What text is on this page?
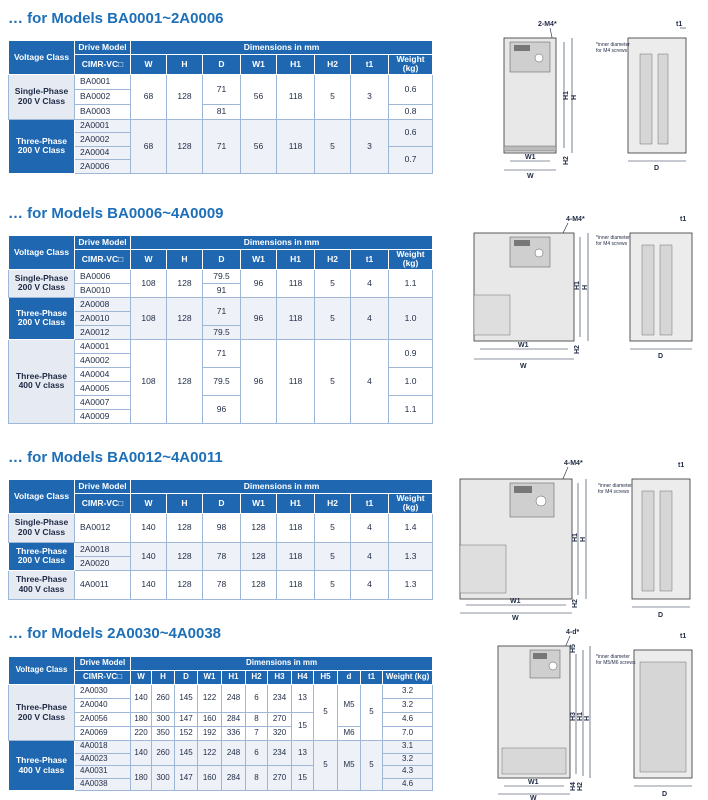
… for Models BA0001~2A0006
Voltage Class	Drive Model	Dimensions in mm							
	CIMR-VC□	W	H	D	W1	H1	H2	t1	Weight (kg)
Single-Phase
200 V Class	BA0001	68	128	71	56	118	5	3	0.6
	BA0002								
	BA0003			81					0.8
Three-Phase
200 V Class	2A0001	68	128	71	56	118	5	3	0.6
	2A0002								
	2A0004								0.7
	2A0006								
2-M4*
W1
W
H1 H
H2
t1
D
*inner diameter for M4 screws
… for Models BA0006~4A0009
Voltage Class	Drive Model	Dimensions in mm							
	CIMR-VC□	W	H	D	W1	H1	H2	t1	Weight (kg)
Single-Phase
200 V Class	BA0006	108	128	79.5	96	118	5	4	1.1
	BA0010			91					
Three-Phase
200 V Class	2A0008	108	128	71	96	118	5	4	1.0
	2A0010								
	2A0012			79.5					
Three-Phase
400 V class	4A0001	108	128	71	96	118	5	4	0.9
	4A0002								
	4A0004			79.5					1.0
	4A0005								
	4A0007			96					1.1
	4A0009								
4-M4*
W1
W
H1 H
H2
t1
D
*inner diameter for M4 screws
… for Models BA0012~4A0011
Voltage Class	Drive Model	Dimensions in mm							
	CIMR-VC□	W	H	D	W1	H1	H2	t1	Weight (kg)
Single-Phase
200 V Class	BA0012	140	128	98	128	118	5	4	1.4
Three-Phase
200 V Class	2A0018	140	128	78	128	118	5	4	1.3
	2A0020								
Three-Phase
400 V class	4A0011	140	128	78	128	118	5	4	1.3
4-M4*
W1
W
H1 H
H2
t1
D
*inner diameter for M4 screws
… for Models 2A0030~4A0038
Voltage Class	Drive Model	Dimensions in mm											
	CIMR-VC□	W	H	D	W1	H1	H2	H3	H4	H5	d	t1	Weight (kg)
Three-Phase
200 V Class	2A0030	140	260	145	122	248	6	234	13	5	M5	5	3.2
	2A0040												3.2
	2A0056	180	300	147	160	284	8	270	15				4.6
	2A0069	220	350	152	192	336	7	320			M6		7.0
Three-Phase
400 V class	4A0018	140	260	145	122	248	6	234	13	5	M5	5	3.1
	4A0023												3.2
	4A0031	180	300	147	160	284	8	270	15				4.3
	4A0038												4.6
4-d*
W1
W
H5
H3 H1 H
H4 H2
t1
D
*inner diameter for M5/M6 screws
